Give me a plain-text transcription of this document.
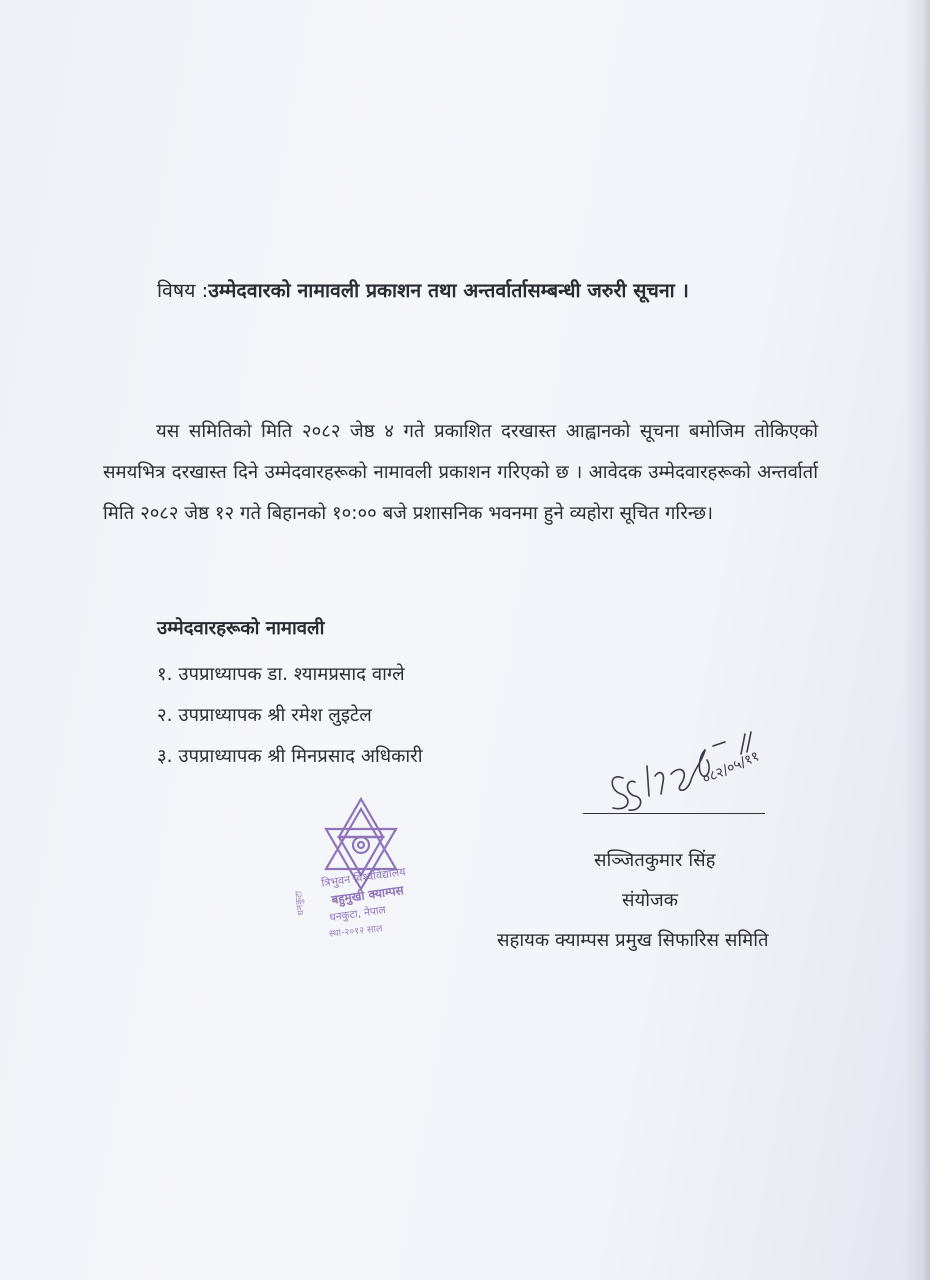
विषय :उम्मेदवारको नामावली प्रकाशन तथा अन्तर्वार्तासम्बन्धी जरुरी सूचना ।

यस समितिको मिति २०८२ जेष्ठ ४ गते प्रकाशित दरखास्त आह्वानको सूचना बमोजिम तोकिएको समयभित्र दरखास्त दिने उम्मेदवारहरूको नामावली प्रकाशन गरिएको छ । आवेदक उम्मेदवारहरूको अन्तर्वार्ता मिति २०८२ जेष्ठ १२ गते बिहानको १०:०० बजे प्रशासनिक भवनमा हुने व्यहोरा सूचित गरिन्छ।

उम्मेदवारहरूको नामावली
१. उपप्राध्यापक डा. श्यामप्रसाद वाग्ले
२. उपप्राध्यापक श्री रमेश लुइटेल
३. उपप्राध्यापक श्री मिनप्रसाद अधिकारी
धनकुटा
त्रिभुवन विश्वविद्यालय
बहुमुखी क्याम्पस
धनकुटा, नेपाल
स्था-२०१२ साल
०८२/०५/११
सञ्जितकुमार सिंह
संयोजक
सहायक क्याम्पस प्रमुख सिफारिस समिति
